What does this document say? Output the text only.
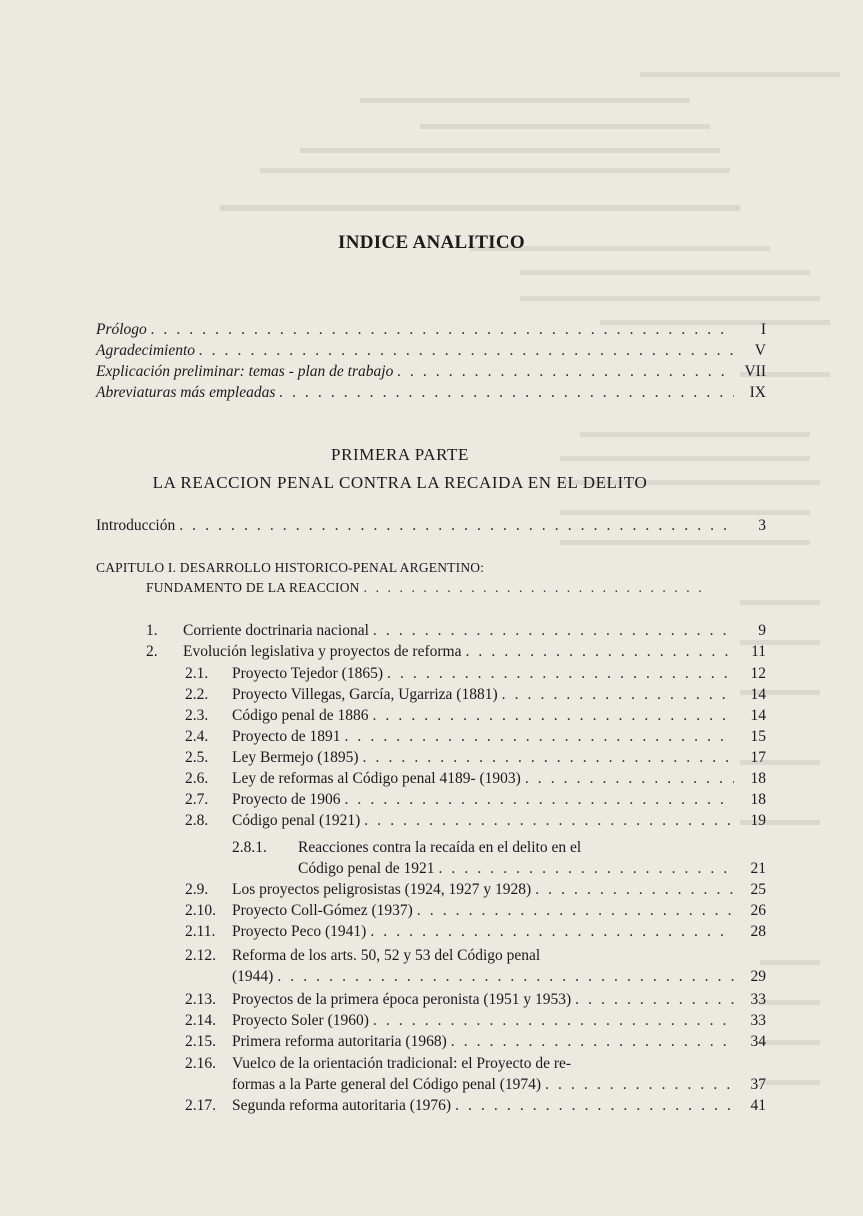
INDICE ANALITICO
Prólogo . . .	I
Agradecimiento . . .	V
Explicación preliminar: temas - plan de trabajo . . .	VII
Abreviaturas más empleadas . . .	IX
PRIMERA PARTE
LA REACCION PENAL CONTRA LA RECAIDA EN EL DELITO
Introducción . . .	3
CAPITULO I. DESARROLLO HISTORICO-PENAL ARGENTINO:
FUNDAMENTO DE LA REACCION
. . .
1.	Corriente doctrinaria nacional . . .	9
2.	Evolución legislativa y proyectos de reforma . . .	11
2.1.	Proyecto Tejedor (1865) . . .	12
2.2.	Proyecto Villegas, García, Ugarriza (1881) . . .	14
2.3.	Código penal de 1886 . . .	14
2.4.	Proyecto de 1891 . . .	15
2.5.	Ley Bermejo (1895) . . .	17
2.6.	Ley de reformas al Código penal 4189- (1903) . . .	18
2.7.	Proyecto de 1906 . . .	18
2.8.	Código penal (1921) . . .	19
2.8.1. Reacciones contra la recaída en el delito en el
Código penal de 1921 . . .	21
2.9.	Los proyectos peligrosistas (1924, 1927 y 1928) . . .	25
2.10.	Proyecto Coll-Gómez (1937) . . .	26
2.11.	Proyecto Peco (1941) . . .	28
2.12. Reforma de los arts. 50, 52 y 53 del Código penal
(1944) . . .	29
2.13.	Proyectos de la primera época peronista (1951 y 1953) . . .	33
2.14.	Proyecto Soler (1960) . . .	33
2.15.	Primera reforma autoritaria (1968) . . .	34
2.16. Vuelco de la orientación tradicional: el Proyecto de re-
formas a la Parte general del Código penal (1974) . . .	37
2.17.	Segunda reforma autoritaria (1976) . . .	41
